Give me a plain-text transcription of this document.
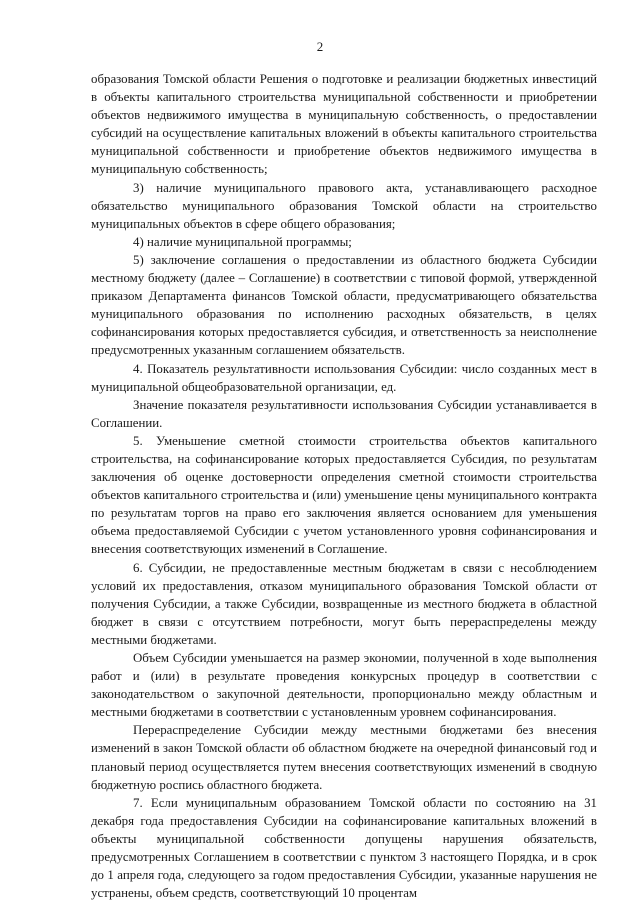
2

образования Томской области Решения о подготовке и реализации бюджетных инвестиций в объекты капитального строительства муниципальной собственности и приобретении объектов недвижимого имущества в муниципальную собственность, о предоставлении субсидий на осуществление капитальных вложений в объекты капитального строительства муниципальной собственности и приобретение объектов недвижимого имущества в муниципальную собственность;

3) наличие муниципального правового акта, устанавливающего расходное обязательство муниципального образования Томской области на строительство муниципальных объектов в сфере общего образования;

4) наличие муниципальной программы;

5) заключение соглашения о предоставлении из областного бюджета Субсидии местному бюджету (далее – Соглашение) в соответствии с типовой формой, утвержденной приказом Департамента финансов Томской области, предусматривающего обязательства муниципального образования по исполнению расходных обязательств, в целях софинансирования которых предоставляется субсидия, и ответственность за неисполнение предусмотренных указанным соглашением обязательств.

4. Показатель результативности использования Субсидии: число созданных мест в муниципальной общеобразовательной организации, ед.

Значение показателя результативности использования Субсидии устанавливается в Соглашении.

5. Уменьшение сметной стоимости строительства объектов капитального строительства, на софинансирование которых предоставляется Субсидия, по результатам заключения об оценке достоверности определения сметной стоимости строительства объектов капитального строительства и (или) уменьшение цены муниципального контракта по результатам торгов на право его заключения является основанием для уменьшения объема предоставляемой Субсидии с учетом установленного уровня софинансирования и внесения соответствующих изменений в Соглашение.

6. Субсидии, не предоставленные местным бюджетам в связи с несоблюдением условий их предоставления, отказом муниципального образования Томской области от получения Субсидии, а также Субсидии, возвращенные из местного бюджета в областной бюджет в связи с отсутствием потребности, могут быть перераспределены между местными бюджетами.

Объем Субсидии уменьшается на размер экономии, полученной в ходе выполнения работ и (или) в результате проведения конкурсных процедур в соответствии с законодательством о закупочной деятельности, пропорционально между областным и местными бюджетами в соответствии с установленным уровнем софинансирования.

Перераспределение Субсидии между местными бюджетами без внесения изменений в закон Томской области об областном бюджете на очередной финансовый год и плановый период осуществляется путем внесения соответствующих изменений в сводную бюджетную роспись областного бюджета.

7. Если муниципальным образованием Томской области по состоянию на 31 декабря года предоставления Субсидии на софинансирование капитальных вложений в объекты муниципальной собственности допущены нарушения обязательств, предусмотренных Соглашением в соответствии с пунктом 3 настоящего Порядка, и в срок до 1 апреля года, следующего за годом предоставления Субсидии, указанные нарушения не устранены, объем средств, соответствующий 10 процентам
